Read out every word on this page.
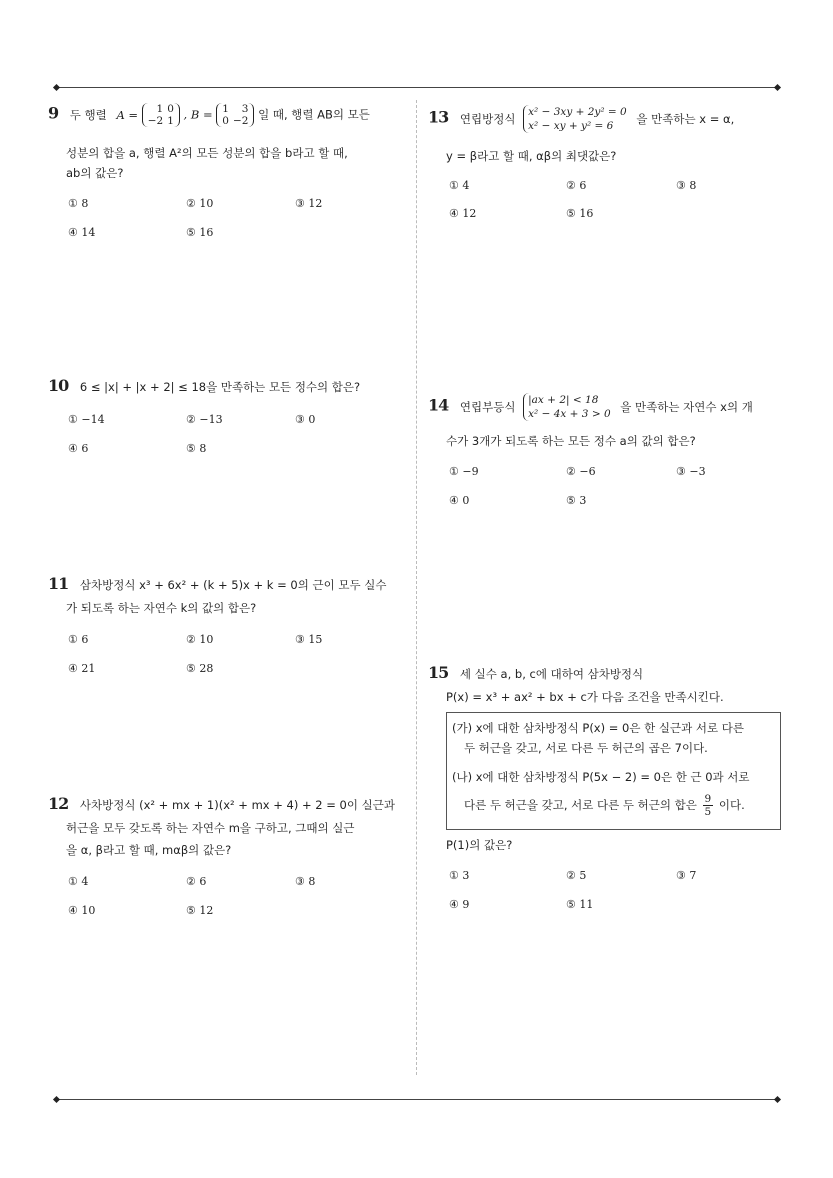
9 두 행렬 A = 1	0
−2	1 , B = 1	3
0	−2 일 때, 행렬 AB의 모든
성분의 합을 a, 행렬 A²의 모든 성분의 합을 b라고 할 때,
ab의 값은?
① 8	② 10	③ 12
④ 14	⑤ 16
10 6 ≤ |x| + |x + 2| ≤ 18을 만족하는 모든 정수의 합은?
① −14	② −13	③ 0
④ 6	⑤ 8
11 삼차방정식 x³ + 6x² + (k + 5)x + k = 0의 근이 모두 실수
가 되도록 하는 자연수 k의 값의 합은?
① 6	② 10	③ 15
④ 21	⑤ 28
12 사차방정식 (x² + mx + 1)(x² + mx + 4) + 2 = 0이 실근과
허근을 모두 갖도록 하는 자연수 m을 구하고, 그때의 실근
을 α, β라고 할 때, mαβ의 값은?
① 4	② 6	③ 8
④ 10	⑤ 12
13 연립방정식 x² − 3xy + 2y² = 0
x² − xy + y² = 6
을 만족하는 x = α,
y = β라고 할 때, αβ의 최댓값은?
① 4	② 6	③ 8
④ 12	⑤ 16
14 연립부등식 |ax + 2| < 18
x² − 4x + 3 > 0
을 만족하는 자연수 x의 개
수가 3개가 되도록 하는 모든 정수 a의 값의 합은?
① −9	② −6	③ −3
④ 0	⑤ 3
15 세 실수 a, b, c에 대하여 삼차방정식
P(x) = x³ + ax² + bx + c가 다음 조건을 만족시킨다.
(가) x에 대한 삼차방정식 P(x) = 0은 한 실근과 서로 다른
두 허근을 갖고, 서로 다른 두 허근의 곱은 7이다.
(나) x에 대한 삼차방정식 P(5x − 2) = 0은 한 근 0과 서로
다른 두 허근을 갖고, 서로 다른 두 허근의 합은 $\frac{9}{5}$ 이다.
P(1)의 값은?
① 3	② 5	③ 7
④ 9	⑤ 11
